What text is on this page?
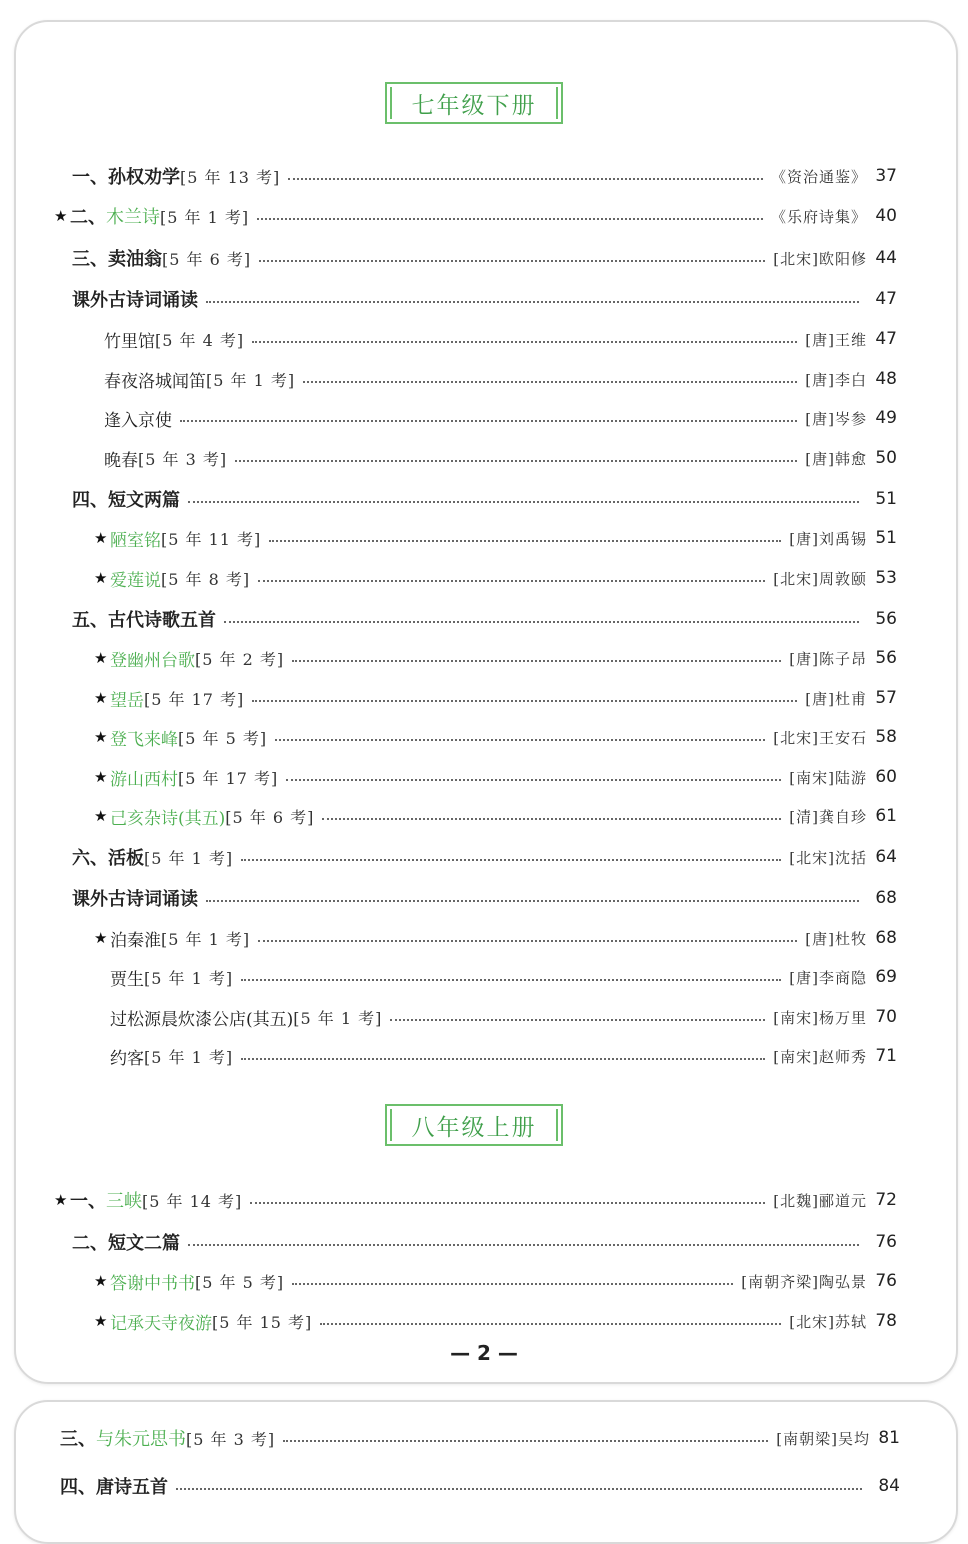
七年级下册
八年级上册
一、孙权劝学 [5 年 13 考]	《资治通鉴》 37
★ 二、木兰诗 [5 年 1 考]	《乐府诗集》 40
三、卖油翁 [5 年 6 考]	[北宋]欧阳修 44
课外古诗词诵读	47
竹里馆 [5 年 4 考]	[唐]王维 47
春夜洛城闻笛 [5 年 1 考]	[唐]李白 48
逢入京使	[唐]岑参 49
晚春 [5 年 3 考]	[唐]韩愈 50
四、短文两篇	51
★ 陋室铭 [5 年 11 考]	[唐]刘禹锡 51
★ 爱莲说 [5 年 8 考]	[北宋]周敦颐 53
五、古代诗歌五首	56
★ 登幽州台歌 [5 年 2 考]	[唐]陈子昂 56
★ 望岳 [5 年 17 考]	[唐]杜甫 57
★ 登飞来峰 [5 年 5 考]	[北宋]王安石 58
★ 游山西村 [5 年 17 考]	[南宋]陆游 60
★ 己亥杂诗(其五) [5 年 6 考]	[清]龚自珍 61
六、活板 [5 年 1 考]	[北宋]沈括 64
课外古诗词诵读	68
★ 泊秦淮 [5 年 1 考]	[唐]杜牧 68
贾生 [5 年 1 考]	[唐]李商隐 69
过松源晨炊漆公店(其五) [5 年 1 考]	[南宋]杨万里 70
约客 [5 年 1 考]	[南宋]赵师秀 71
★ 一、三峡 [5 年 14 考]	[北魏]郦道元 72
二、短文二篇	76
★ 答谢中书书 [5 年 5 考]	[南朝齐梁]陶弘景 76
★ 记承天寺夜游 [5 年 15 考]	[北宋]苏轼 78
三、与朱元思书 [5 年 3 考]	[南朝梁]吴均 81
四、唐诗五首	84
— 2 —
